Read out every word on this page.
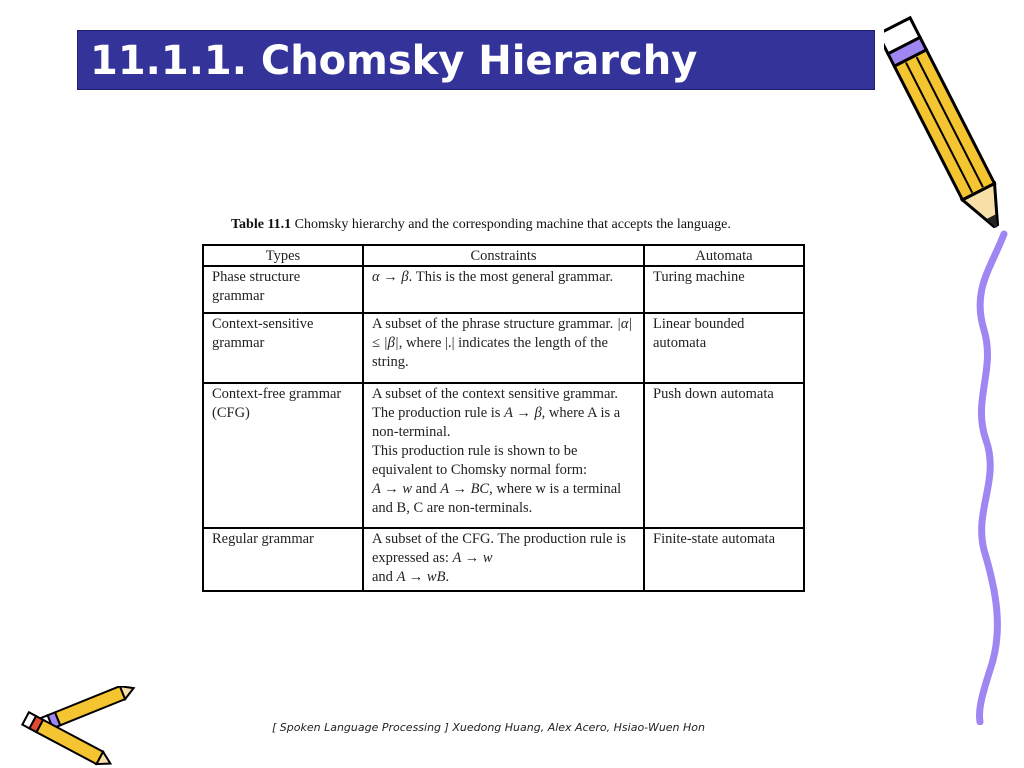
11.1.1. Chomsky Hierarchy
Table 11.1 Chomsky hierarchy and the corresponding machine that accepts the language.
Types	Constraints	Automata
Phase structure grammar	α → β. This is the most general grammar.	Turing machine
Context-sensitive grammar	A subset of the phrase structure grammar. |α| ≤ |β|, where |.| indicates the length of the string.	Linear bounded automata
Context-free grammar (CFG)	A subset of the context sensitive grammar. The production rule is A → β, where A is a non-terminal.
This production rule is shown to be equivalent to Chomsky normal form:
A → w and A → BC, where w is a terminal and B, C are non-terminals.	Push down automata
Regular grammar	A subset of the CFG. The production rule is expressed as: A → w
and A → wB.	Finite-state automata
[ Spoken Language Processing ] Xuedong Huang, Alex Acero, Hsiao-Wuen Hon
